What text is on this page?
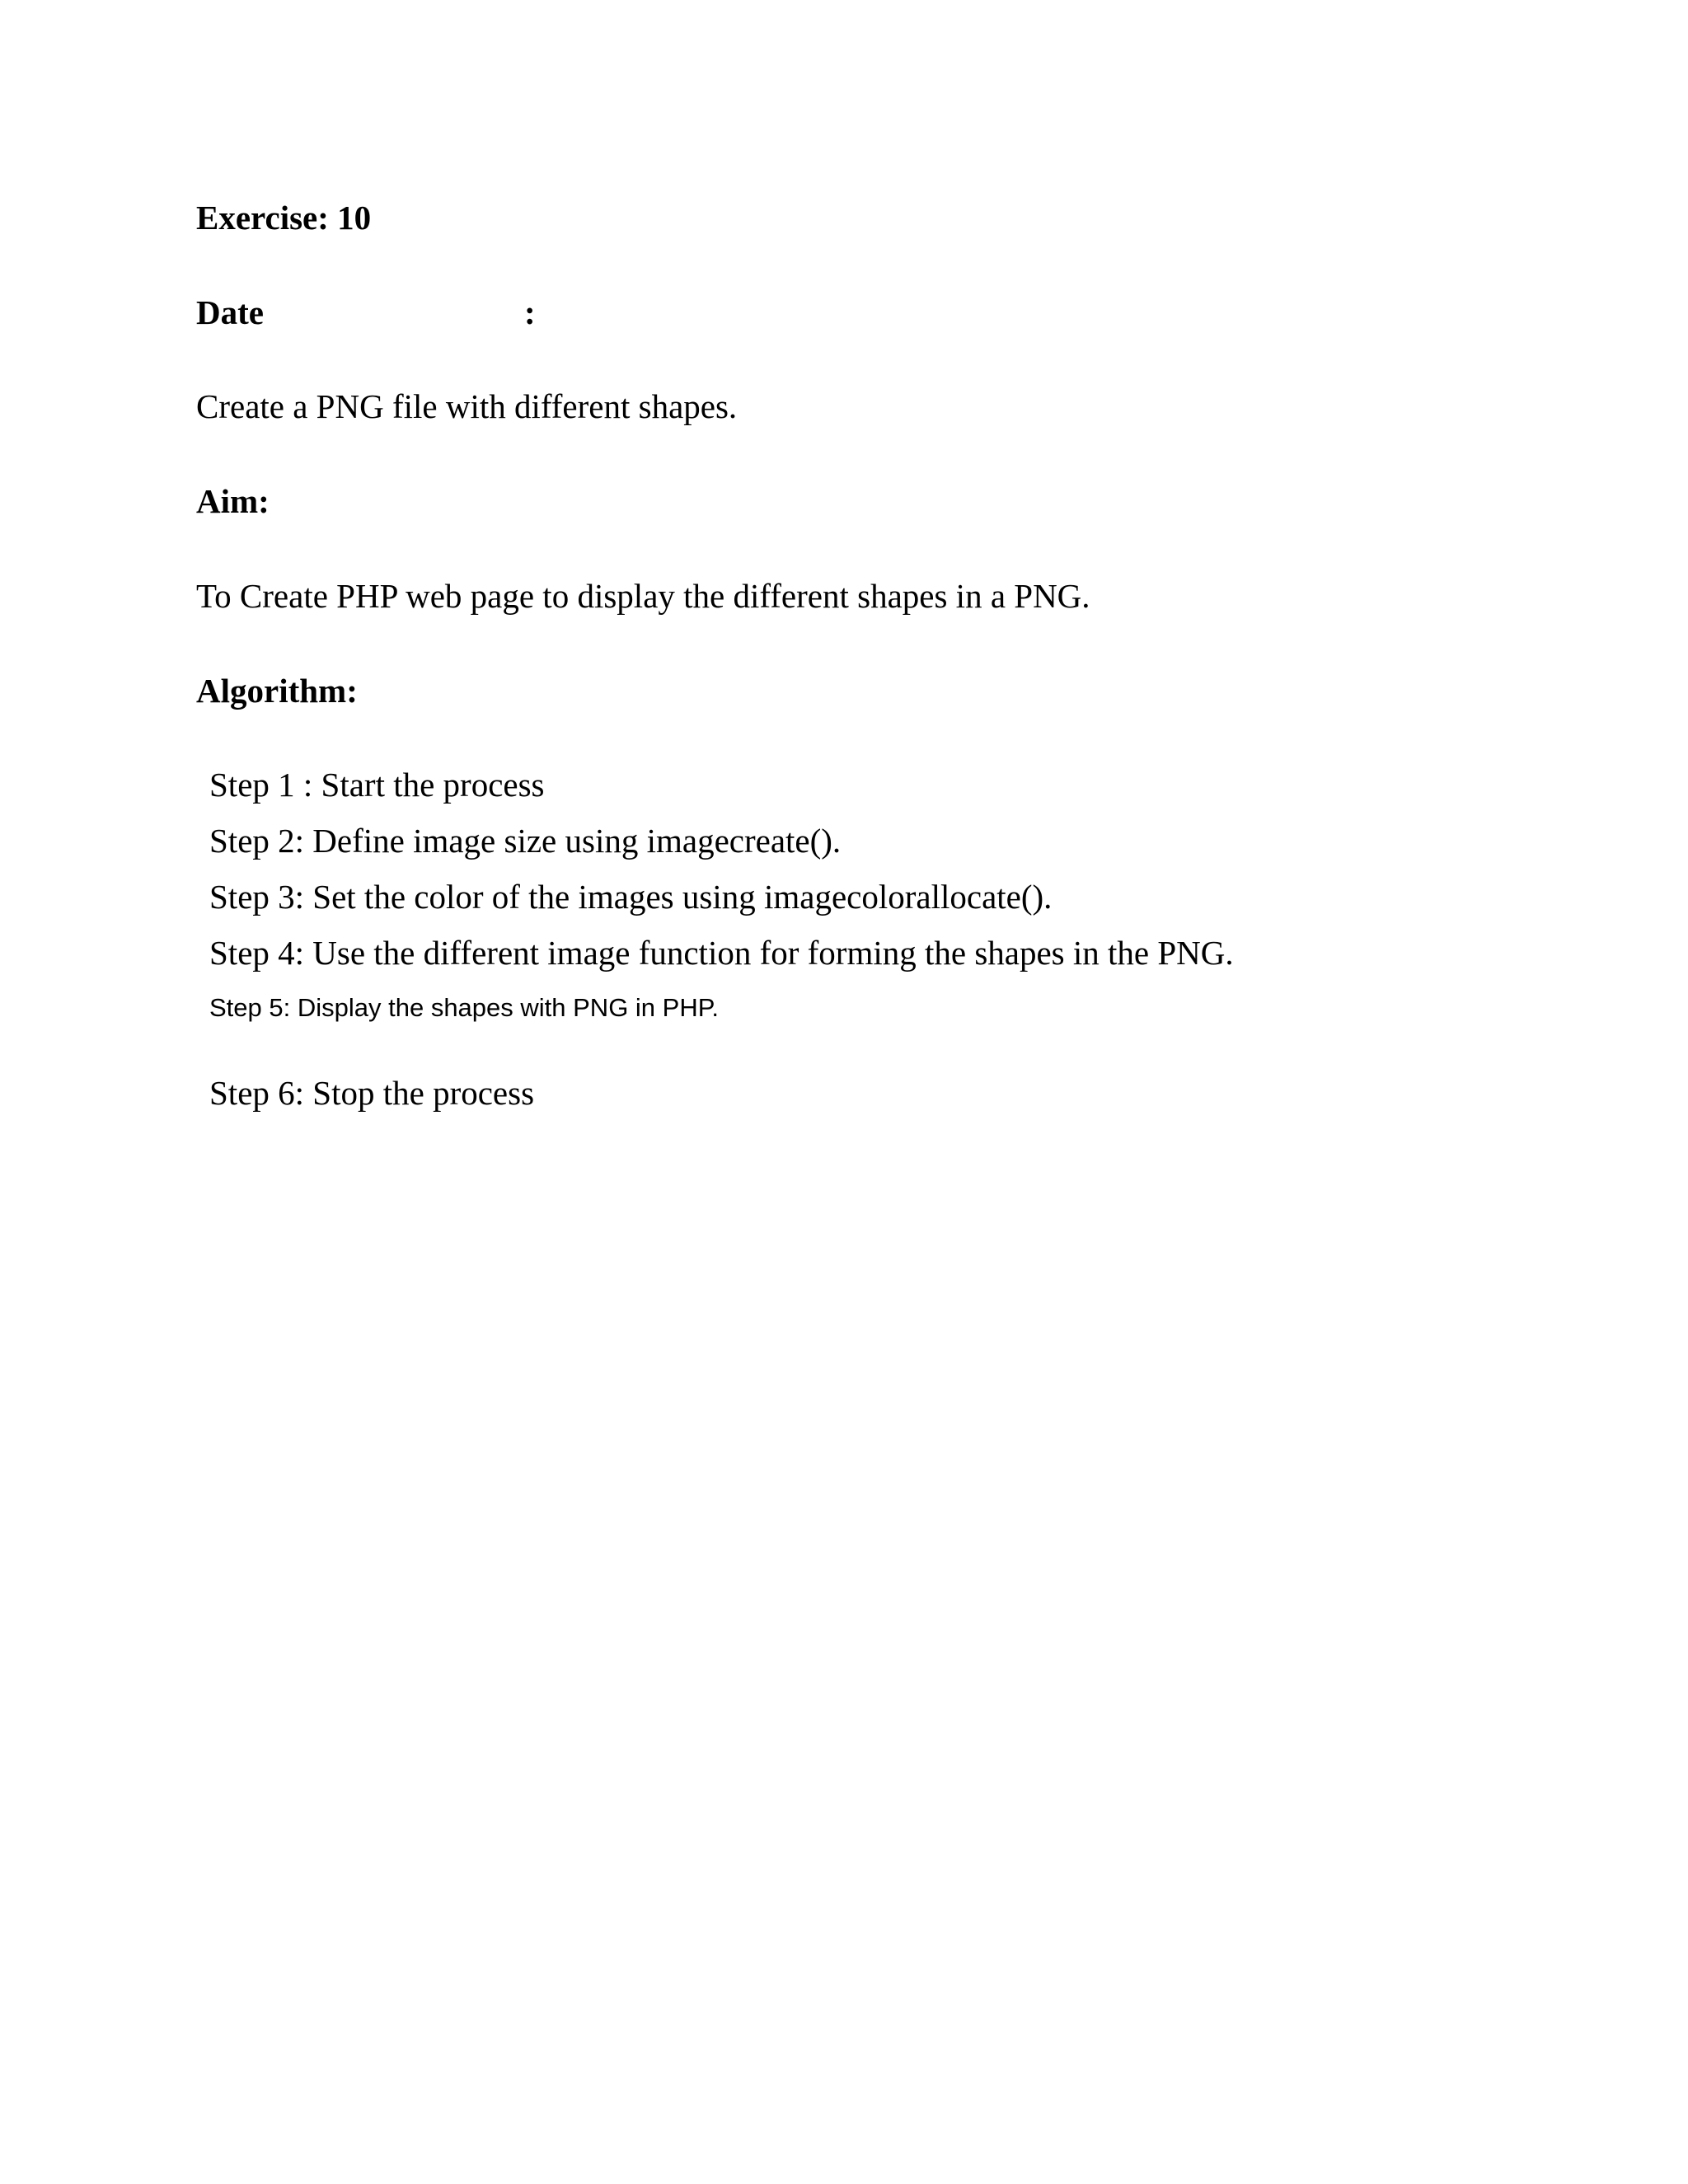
Exercise: 10
Date	:
Create a PNG file with different shapes.
Aim:
To Create PHP web page to display the different shapes in a PNG.
Algorithm:
Step 1 : Start the process
Step 2: Define image size using imagecreate().
Step 3: Set the color of the images using imagecolorallocate().
Step 4: Use the different image function for forming the shapes in the PNG.
Step 5: Display the shapes with PNG in PHP.
Step 6: Stop the process
